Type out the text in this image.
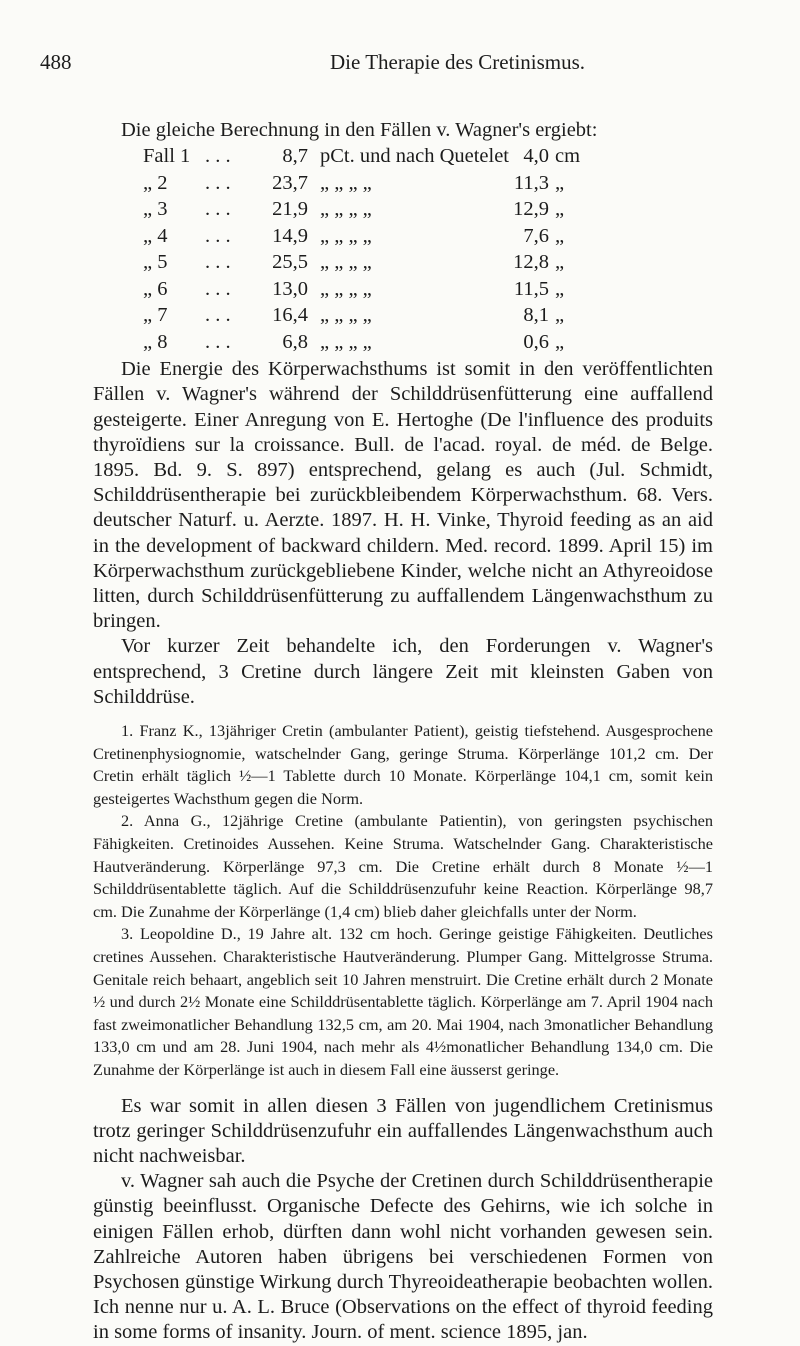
488	Die Therapie des Cretinismus.

Die gleiche Berechnung in den Fällen v. Wagner's ergiebt:

Fall 1	. . .	8,7	pCt. und nach Quetelet	4,0	cm
„ 2	. . .	23,7	„ „ „ „	11,3	„
„ 3	. . .	21,9	„ „ „ „	12,9	„
„ 4	. . .	14,9	„ „ „ „	7,6	„
„ 5	. . .	25,5	„ „ „ „	12,8	„
„ 6	. . .	13,0	„ „ „ „	11,5	„
„ 7	. . .	16,4	„ „ „ „	8,1	„
„ 8	. . .	6,8	„ „ „ „	0,6	„

Die Energie des Körperwachsthums ist somit in den veröffentlichten Fällen v. Wagner's während der Schilddrüsenfütterung eine auffallend gesteigerte. Einer Anregung von E. Hertoghe (De l'influence des produits thyroïdiens sur la croissance. Bull. de l'acad. royal. de méd. de Belge. 1895. Bd. 9. S. 897) entsprechend, gelang es auch (Jul. Schmidt, Schilddrüsentherapie bei zurückbleibendem Körperwachsthum. 68. Vers. deutscher Naturf. u. Aerzte. 1897. H. H. Vinke, Thyroid feeding as an aid in the development of backward childern. Med. record. 1899. April 15) im Körperwachsthum zurückgebliebene Kinder, welche nicht an Athyreoidose litten, durch Schilddrüsenfütterung zu auffallendem Längenwachsthum zu bringen.

Vor kurzer Zeit behandelte ich, den Forderungen v. Wagner's entsprechend, 3 Cretine durch längere Zeit mit kleinsten Gaben von Schilddrüse.

1. Franz K., 13jähriger Cretin (ambulanter Patient), geistig tiefstehend. Ausgesprochene Cretinenphysiognomie, watschelnder Gang, geringe Struma. Körperlänge 101,2 cm. Der Cretin erhält täglich ½—1 Tablette durch 10 Monate. Körperlänge 104,1 cm, somit kein gesteigertes Wachsthum gegen die Norm.

2. Anna G., 12jährige Cretine (ambulante Patientin), von geringsten psychischen Fähigkeiten. Cretinoides Aussehen. Keine Struma. Watschelnder Gang. Charakteristische Hautveränderung. Körperlänge 97,3 cm. Die Cretine erhält durch 8 Monate ½—1 Schilddrüsentablette täglich. Auf die Schilddrüsenzufuhr keine Reaction. Körperlänge 98,7 cm. Die Zunahme der Körperlänge (1,4 cm) blieb daher gleichfalls unter der Norm.

3. Leopoldine D., 19 Jahre alt. 132 cm hoch. Geringe geistige Fähigkeiten. Deutliches cretines Aussehen. Charakteristische Hautveränderung. Plumper Gang. Mittelgrosse Struma. Genitale reich behaart, angeblich seit 10 Jahren menstruirt. Die Cretine erhält durch 2 Monate ½ und durch 2½ Monate eine Schilddrüsentablette täglich. Körperlänge am 7. April 1904 nach fast zweimonatlicher Behandlung 132,5 cm, am 20. Mai 1904, nach 3monatlicher Behandlung 133,0 cm und am 28. Juni 1904, nach mehr als 4½monatlicher Behandlung 134,0 cm. Die Zunahme der Körperlänge ist auch in diesem Fall eine äusserst geringe.

Es war somit in allen diesen 3 Fällen von jugendlichem Cretinismus trotz geringer Schilddrüsenzufuhr ein auffallendes Längenwachsthum auch nicht nachweisbar.

v. Wagner sah auch die Psyche der Cretinen durch Schilddrüsentherapie günstig beeinflusst. Organische Defecte des Gehirns, wie ich solche in einigen Fällen erhob, dürften dann wohl nicht vorhanden gewesen sein. Zahlreiche Autoren haben übrigens bei verschiedenen Formen von Psychosen günstige Wirkung durch Thyreoideatherapie beobachten wollen. Ich nenne nur u. A. L. Bruce (Observations on the effect of thyroid feeding in some forms of insanity. Journ. of ment. science 1895, jan.
